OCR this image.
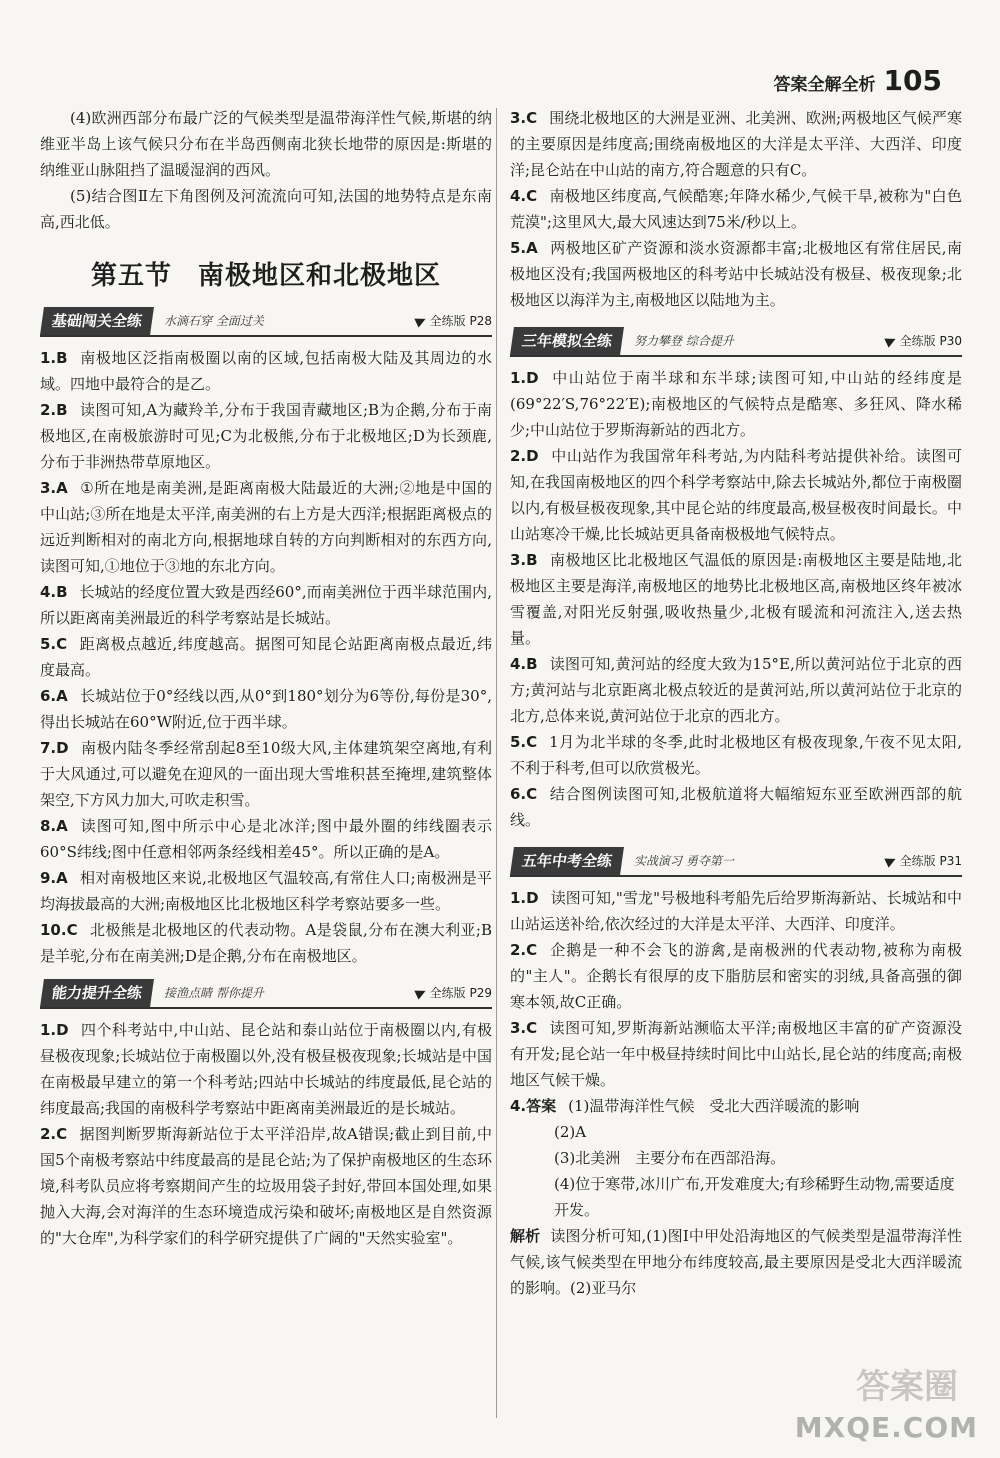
答案全解全析 105

(4)欧洲西部分布最广泛的气候类型是温带海洋性气候,斯堪的纳维亚半岛上该气候只分布在半岛西侧南北狭长地带的原因是:斯堪的纳维亚山脉阻挡了温暖湿润的西风。

(5)结合图Ⅱ左下角图例及河流流向可知,法国的地势特点是东南高,西北低。

第五节 南极地区和北极地区
基础闯关全练	水滴石穿 全面过关	全练版 P28

1.B 南极地区泛指南极圈以南的区域,包括南极大陆及其周边的水域。四地中最符合的是乙。

2.B 读图可知,A为藏羚羊,分布于我国青藏地区;B为企鹅,分布于南极地区,在南极旅游时可见;C为北极熊,分布于北极地区;D为长颈鹿,分布于非洲热带草原地区。

3.A ①所在地是南美洲,是距离南极大陆最近的大洲;②地是中国的中山站;③所在地是太平洋,南美洲的右上方是大西洋;根据距离极点的远近判断相对的南北方向,根据地球自转的方向判断相对的东西方向,读图可知,①地位于③地的东北方向。

4.B 长城站的经度位置大致是西经60°,而南美洲位于西半球范围内,所以距离南美洲最近的科学考察站是长城站。

5.C 距离极点越近,纬度越高。据图可知昆仑站距离南极点最近,纬度最高。

6.A 长城站位于0°经线以西,从0°到180°划分为6等份,每份是30°,得出长城站在60°W附近,位于西半球。

7.D 南极内陆冬季经常刮起8至10级大风,主体建筑架空离地,有利于大风通过,可以避免在迎风的一面出现大雪堆积甚至掩埋,建筑整体架空,下方风力加大,可吹走积雪。

8.A 读图可知,图中所示中心是北冰洋;图中最外圈的纬线圈表示60°S纬线;图中任意相邻两条经线相差45°。所以正确的是A。

9.A 相对南极地区来说,北极地区气温较高,有常住人口;南极洲是平均海拔最高的大洲;南极地区比北极地区科学考察站要多一些。

10.C 北极熊是北极地区的代表动物。A是袋鼠,分布在澳大利亚;B是羊驼,分布在南美洲;D是企鹅,分布在南极地区。

能力提升全练	接渔点睛 帮你提升	全练版 P29

1.D 四个科考站中,中山站、昆仑站和泰山站位于南极圈以内,有极昼极夜现象;长城站位于南极圈以外,没有极昼极夜现象;长城站是中国在南极最早建立的第一个科考站;四站中长城站的纬度最低,昆仑站的纬度最高;我国的南极科学考察站中距离南美洲最近的是长城站。

2.C 据图判断罗斯海新站位于太平洋沿岸,故A错误;截止到目前,中国5个南极考察站中纬度最高的是昆仑站;为了保护南极地区的生态环境,科考队员应将考察期间产生的垃圾用袋子封好,带回本国处理,如果抛入大海,会对海洋的生态环境造成污染和破坏;南极地区是自然资源的"大仓库",为科学家们的科学研究提供了广阔的"天然实验室"。

3.C 围绕北极地区的大洲是亚洲、北美洲、欧洲;两极地区气候严寒的主要原因是纬度高;围绕南极地区的大洋是太平洋、大西洋、印度洋;昆仑站在中山站的南方,符合题意的只有C。

4.C 南极地区纬度高,气候酷寒;年降水稀少,气候干旱,被称为"白色荒漠";这里风大,最大风速达到75米/秒以上。

5.A 两极地区矿产资源和淡水资源都丰富;北极地区有常住居民,南极地区没有;我国两极地区的科考站中长城站没有极昼、极夜现象;北极地区以海洋为主,南极地区以陆地为主。

三年模拟全练	努力攀登 综合提升	全练版 P30

1.D 中山站位于南半球和东半球;读图可知,中山站的经纬度是(69°22′S,76°22′E);南极地区的气候特点是酷寒、多狂风、降水稀少;中山站位于罗斯海新站的西北方。

2.D 中山站作为我国常年科考站,为内陆科考站提供补给。读图可知,在我国南极地区的四个科学考察站中,除去长城站外,都位于南极圈以内,有极昼极夜现象,其中昆仑站的纬度最高,极昼极夜时间最长。中山站寒冷干燥,比长城站更具备南极极地气候特点。

3.B 南极地区比北极地区气温低的原因是:南极地区主要是陆地,北极地区主要是海洋,南极地区的地势比北极地区高,南极地区终年被冰雪覆盖,对阳光反射强,吸收热量少,北极有暖流和河流注入,送去热量。

4.B 读图可知,黄河站的经度大致为15°E,所以黄河站位于北京的西方;黄河站与北京距离北极点较近的是黄河站,所以黄河站位于北京的北方,总体来说,黄河站位于北京的西北方。

5.C 1月为北半球的冬季,此时北极地区有极夜现象,午夜不见太阳,不利于科考,但可以欣赏极光。

6.C 结合图例读图可知,北极航道将大幅缩短东亚至欧洲西部的航线。

五年中考全练	实战演习 勇夺第一	全练版 P31

1.D 读图可知,"雪龙"号极地科考船先后给罗斯海新站、长城站和中山站运送补给,依次经过的大洋是太平洋、大西洋、印度洋。

2.C 企鹅是一种不会飞的游禽,是南极洲的代表动物,被称为南极的"主人"。企鹅长有很厚的皮下脂肪层和密实的羽绒,具备高强的御寒本领,故C正确。

3.C 读图可知,罗斯海新站濒临太平洋;南极地区丰富的矿产资源没有开发;昆仑站一年中极昼持续时间比中山站长,昆仑站的纬度高;南极地区气候干燥。

4.答案 (1)温带海洋性气候　受北大西洋暖流的影响

(2)A

(3)北美洲　主要分布在西部沿海。

(4)位于寒带,冰川广布,开发难度大;有珍稀野生动物,需要适度开发。

解析 读图分析可知,(1)图Ⅰ中甲处沿海地区的气候类型是温带海洋性气候,该气候类型在甲地分布纬度较高,最主要原因是受北大西洋暖流的影响。(2)亚马尔

答案圈
MXQE.COM
